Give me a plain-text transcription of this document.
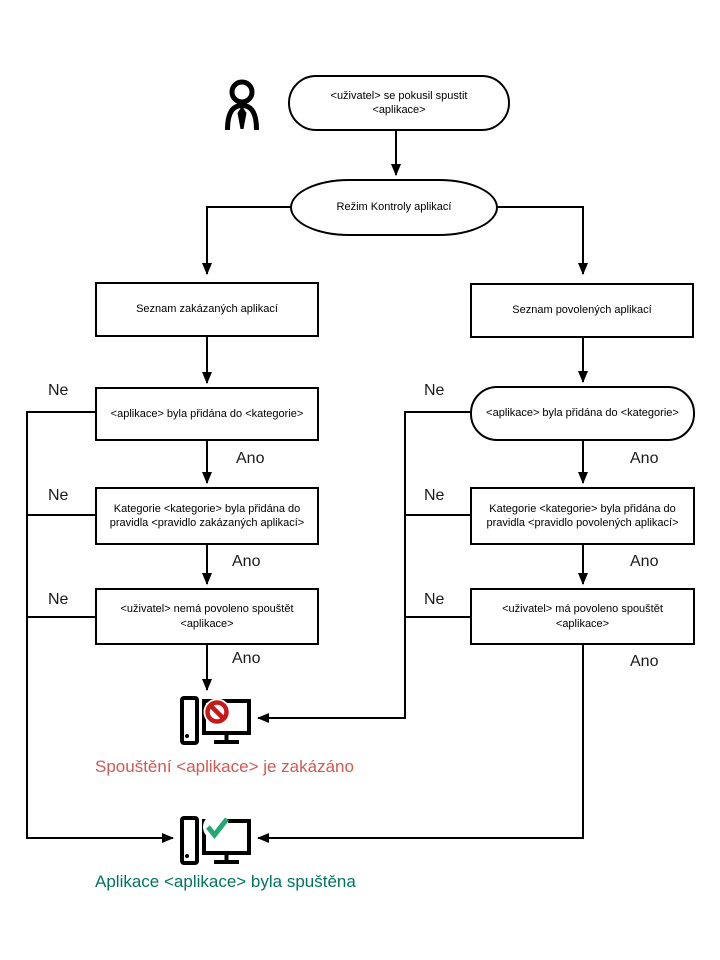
<uživatel> se pokusil spustit <aplikace>
Režim Kontroly aplikací
Seznam zakázaných aplikací	Seznam povolených aplikací
<aplikace> byla přidána do <kategorie>	<aplikace> byla přidána do <kategorie>
Kategorie <kategorie> byla přidána do pravidla <pravidlo zakázaných aplikací>
Kategorie <kategorie> byla přidána do pravidla <pravidlo povolených aplikací>
<uživatel> nemá povoleno spouštět <aplikace>
<uživatel> má povoleno spouštět <aplikace>
Ne
Ne
Ne
Ne
Ne
Ne
Ano
Ano
Ano
Ano
Ano
Ano
Spouštění <aplikace> je zakázáno
Aplikace <aplikace> byla spuštěna
